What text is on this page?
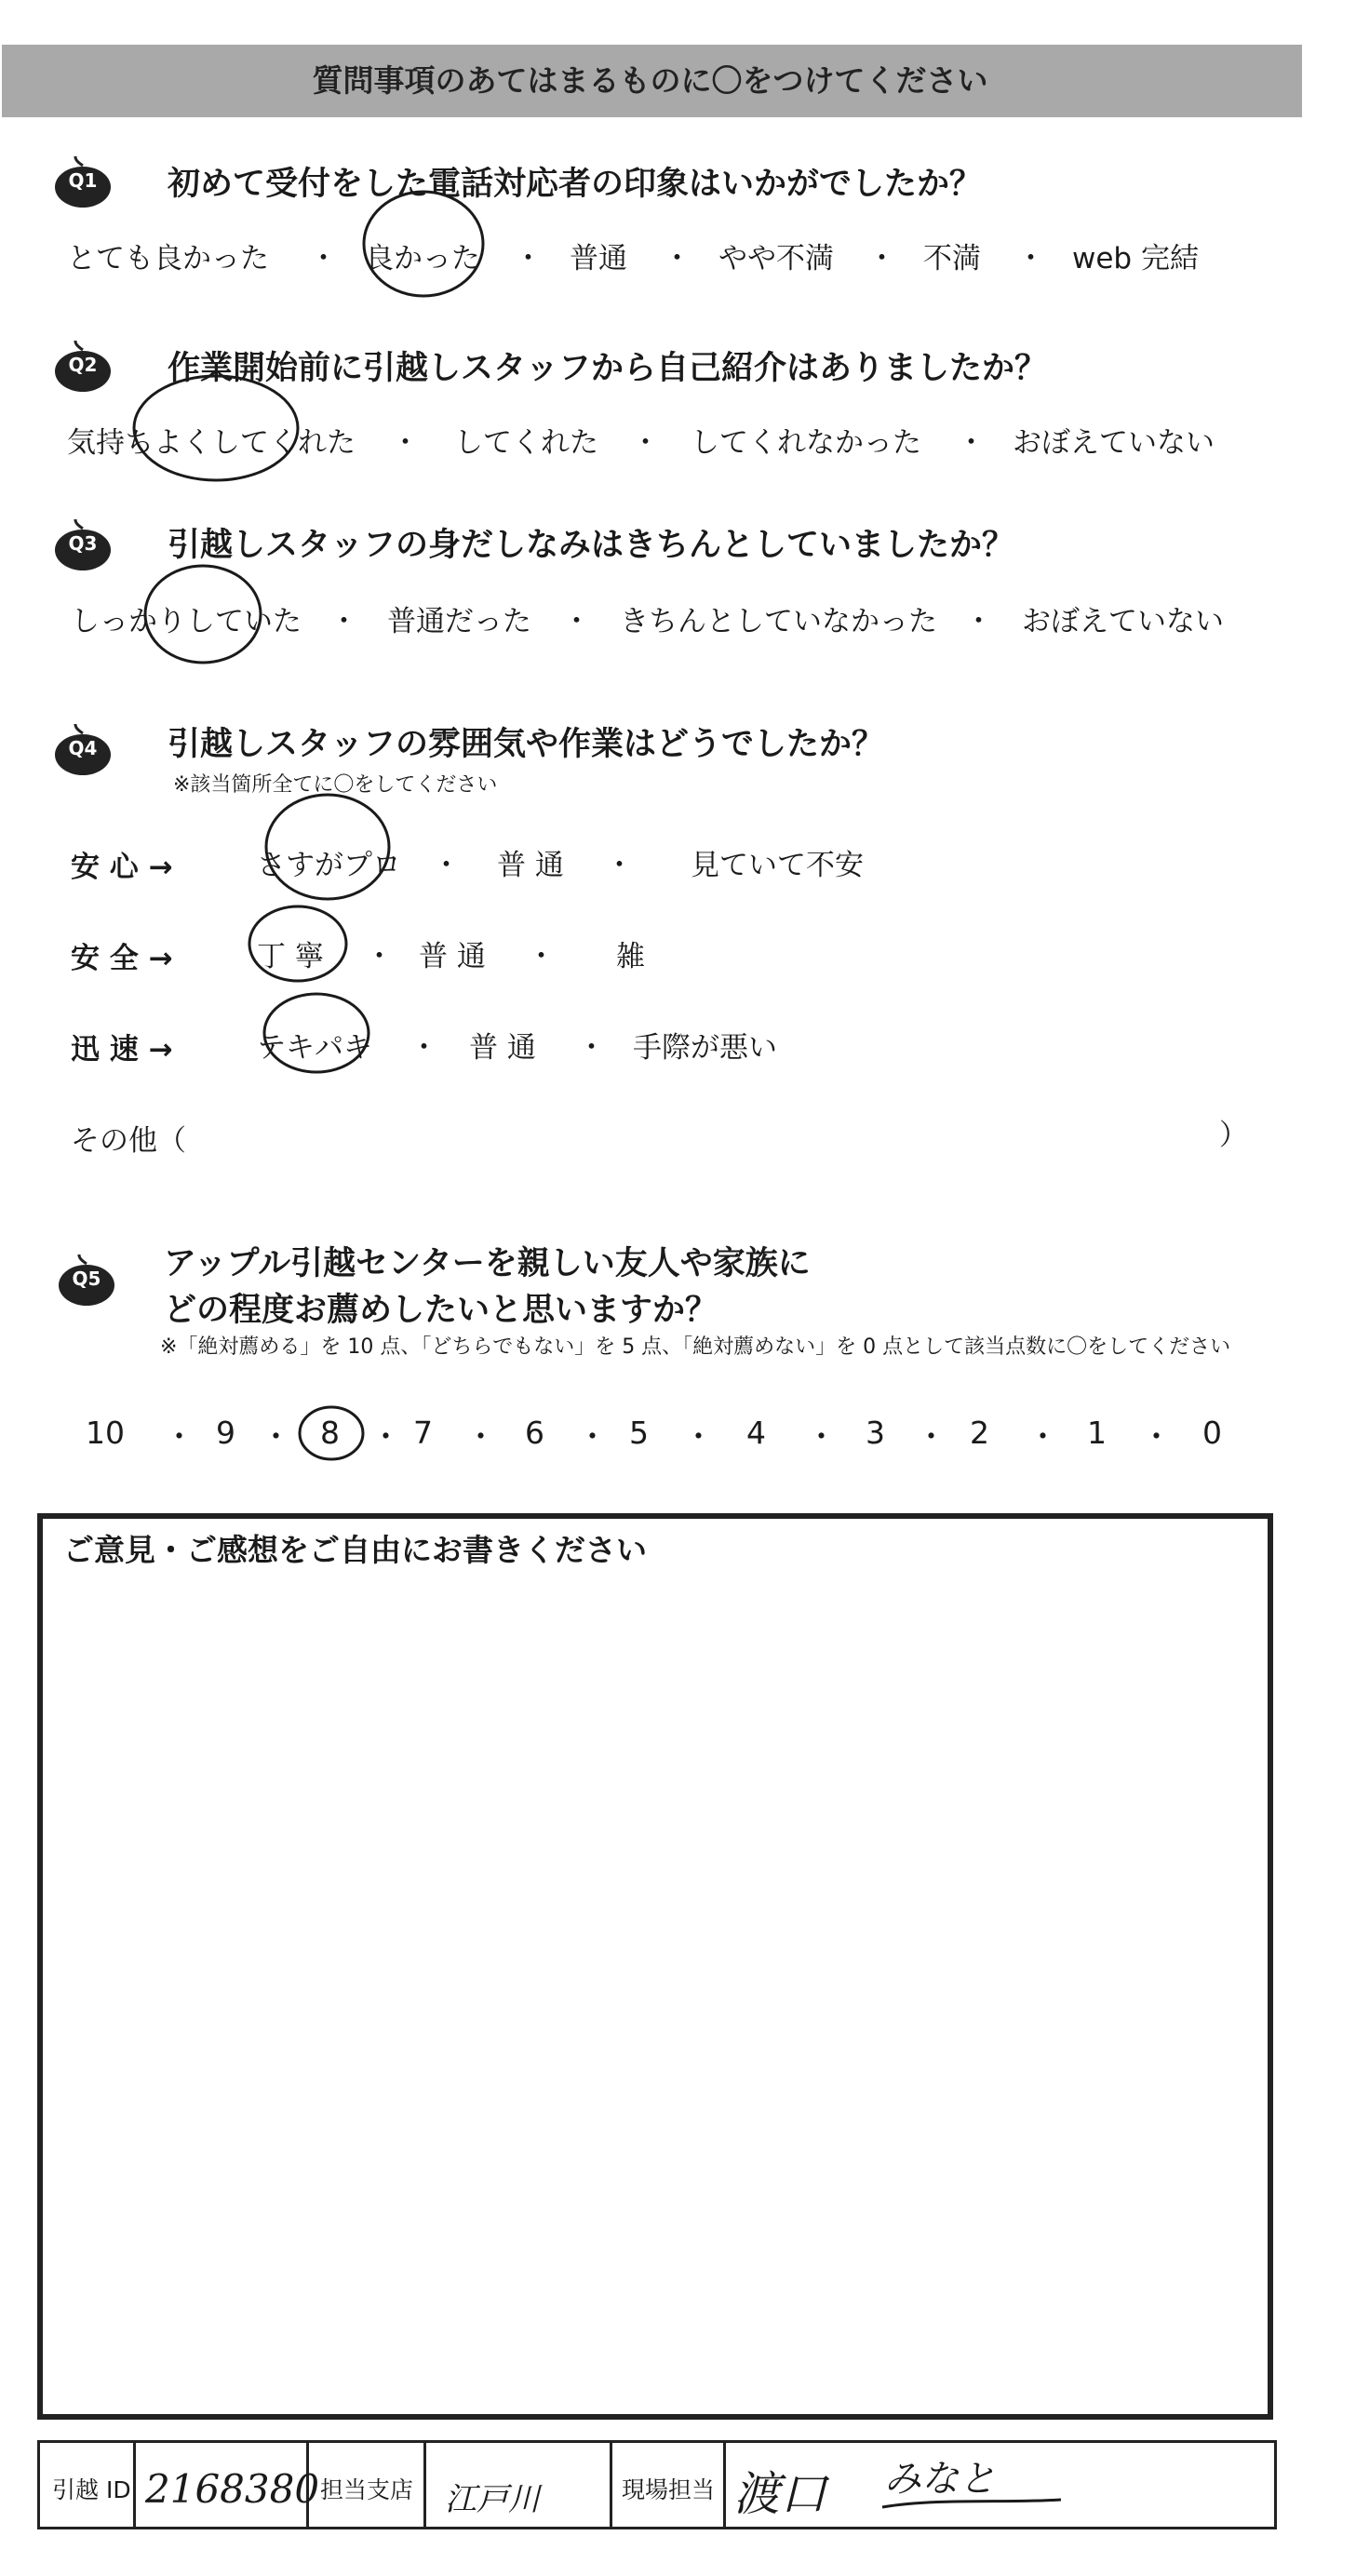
質問事項のあてはまるものに〇をつけてください
Q1	初めて受付をした電話対応者の印象はいかがでしたか？
とても良かった ・ 良かった ・ 普通 ・ やや不満 ・ 不満 ・ web 完結
Q2	作業開始前に引越しスタッフから自己紹介はありましたか？
気持ちよくしてくれた ・ してくれた ・ してくれなかった ・ おぼえていない
Q3	引越しスタッフの身だしなみはきちんとしていましたか？
しっかりしていた ・ 普通だった ・ きちんとしていなかった ・ おぼえていない
Q4	引越しスタッフの雰囲気や作業はどうでしたか？
※該当箇所全てに〇をしてください
安 心 →	さすがプロ ・ 普 通 ・ 見ていて不安
安 全 →	丁 寧 ・ 普 通 ・ 雑
迅 速 →	テキパキ ・ 普 通 ・ 手際が悪い
その他（	）
Q5	アップル引越センターを親しい友人や家族に
どの程度お薦めしたいと思いますか？
※「絶対薦める」を 10 点、「どちらでもない」を 5 点、「絶対薦めない」を 0 点として該当点数に〇をしてください
10 ・ 9 ・ 8 ・ 7 ・ 6 ・ 5 ・ 4 ・ 3 ・ 2 ・ 1 ・ 0
ご意見・ご感想をご自由にお書きください
引越 ID 2168380 担当支店 江戸川	現場担当 渡口 みなと
